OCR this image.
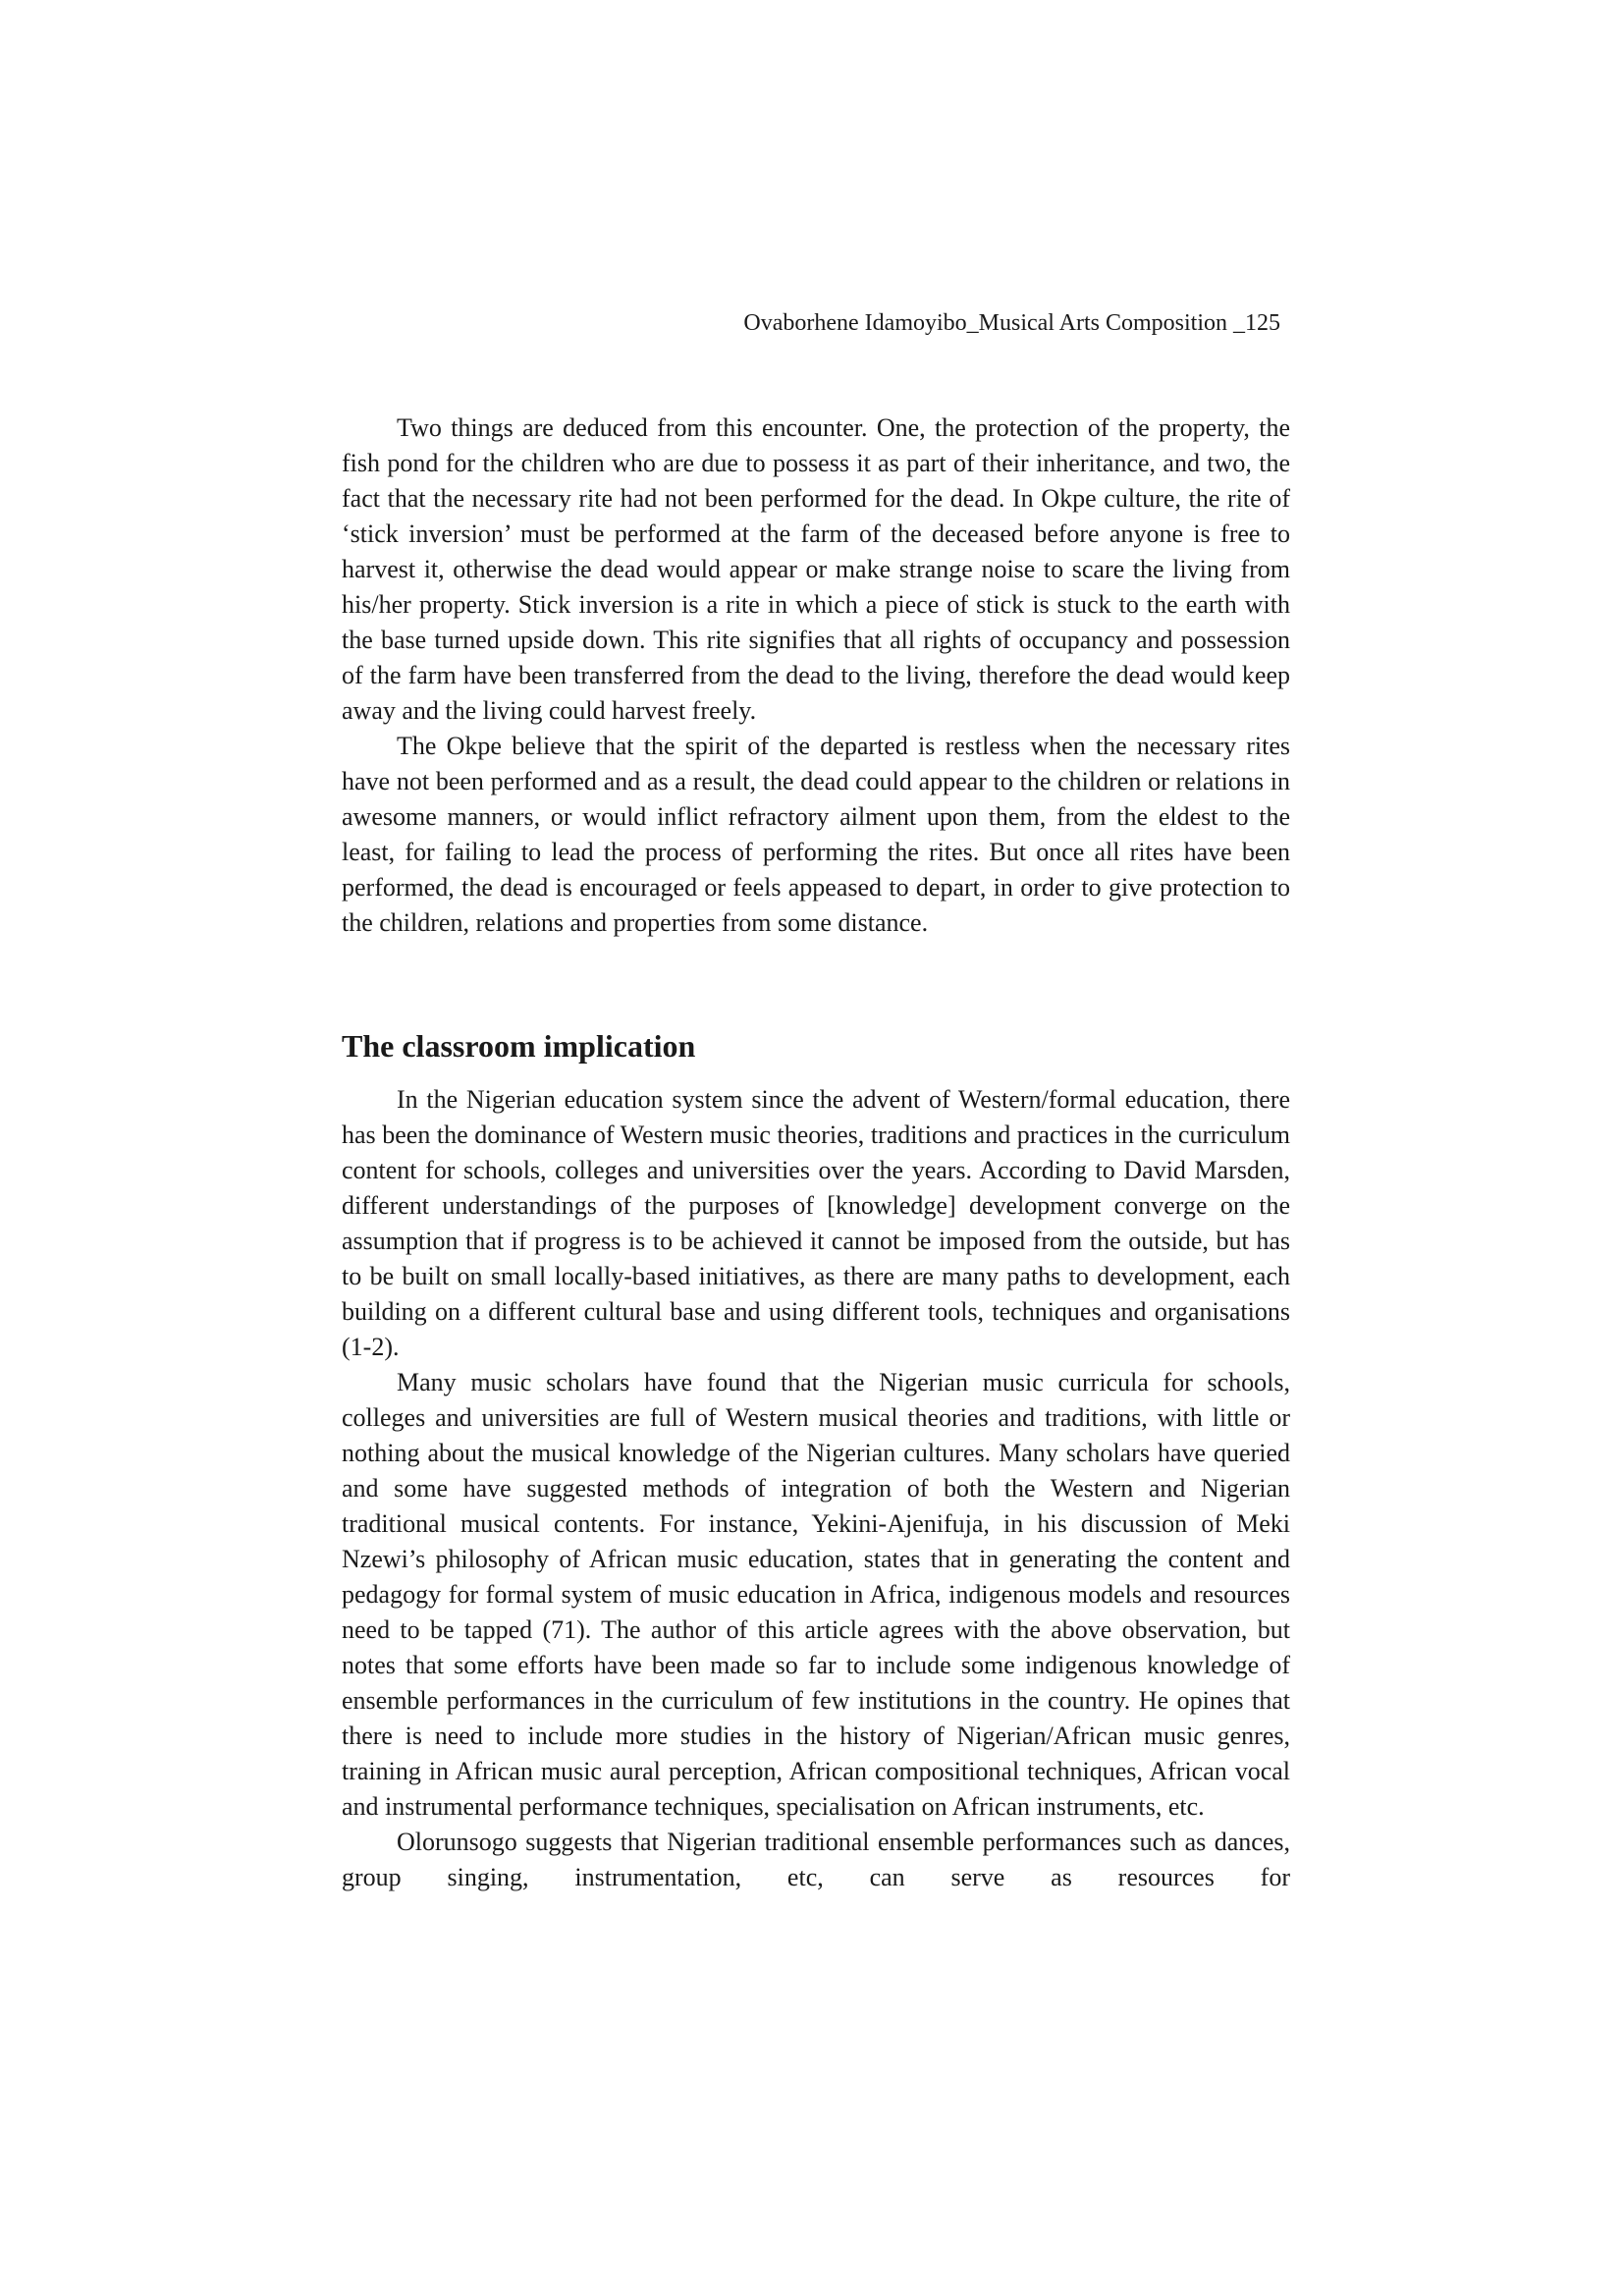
Ovaborhene Idamoyibo_Musical Arts Composition _125

Two things are deduced from this encounter. One, the protection of the property, the fish pond for the children who are due to possess it as part of their inheritance, and two, the fact that the necessary rite had not been performed for the dead. In Okpe culture, the rite of ‘stick inversion’ must be performed at the farm of the deceased before anyone is free to harvest it, otherwise the dead would appear or make strange noise to scare the living from his/her property. Stick inversion is a rite in which a piece of stick is stuck to the earth with the base turned upside down. This rite signifies that all rights of occupancy and possession of the farm have been transferred from the dead to the living, therefore the dead would keep away and the living could harvest freely.

The Okpe believe that the spirit of the departed is restless when the necessary rites have not been performed and as a result, the dead could appear to the children or relations in awesome manners, or would inflict refractory ailment upon them, from the eldest to the least, for failing to lead the process of performing the rites. But once all rites have been performed, the dead is encouraged or feels appeased to depart, in order to give protection to the children, relations and properties from some distance.

The classroom implication

In the Nigerian education system since the advent of Western/formal education, there has been the dominance of Western music theories, traditions and practices in the curriculum content for schools, colleges and universities over the years. According to David Marsden, different understandings of the purposes of [knowledge] development converge on the assumption that if progress is to be achieved it cannot be imposed from the outside, but has to be built on small locally-based initiatives, as there are many paths to development, each building on a different cultural base and using different tools, techniques and organisations (1-2).

Many music scholars have found that the Nigerian music curricula for schools, colleges and universities are full of Western musical theories and traditions, with little or nothing about the musical knowledge of the Nigerian cultures. Many scholars have queried and some have suggested methods of integration of both the Western and Nigerian traditional musical contents. For instance, Yekini-Ajenifuja, in his discussion of Meki Nzewi’s philosophy of African music education, states that in generating the content and pedagogy for formal system of music education in Africa, indigenous models and resources need to be tapped (71). The author of this article agrees with the above observation, but notes that some efforts have been made so far to include some indigenous knowledge of ensemble performances in the curriculum of few institutions in the country. He opines that there is need to include more studies in the history of Nigerian/African music genres, training in African music aural perception, African compositional techniques, African vocal and instrumental performance techniques, specialisation on African instruments, etc.

Olorunsogo suggests that Nigerian traditional ensemble performances such as dances, group singing, instrumentation, etc, can serve as resources for
